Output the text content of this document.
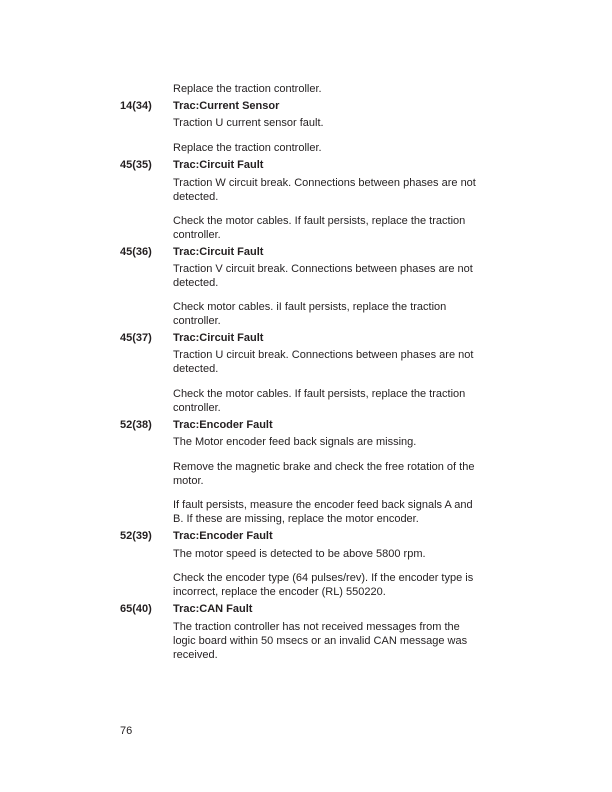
Replace the traction controller.
14(34) Trac:Current Sensor
Traction U current sensor fault.
Replace the traction controller.
45(35) Trac:Circuit Fault
Traction W circuit break. Connections between phases are not detected.
Check the motor cables. If fault persists, replace the traction controller.
45(36) Trac:Circuit Fault
Traction V circuit break. Connections between phases are not detected.
Check motor cables. iI fault persists, replace the traction controller.
45(37) Trac:Circuit Fault
Traction U circuit break. Connections between phases are not detected.
Check the motor cables. If fault persists, replace the traction controller.
52(38) Trac:Encoder Fault
The Motor encoder feed back signals are missing.
Remove the magnetic brake and check the free rotation of the motor.
If fault persists, measure the encoder feed back signals A and B. If these are missing, replace the motor encoder.
52(39) Trac:Encoder Fault
The motor speed is detected to be above 5800 rpm.
Check the encoder type (64 pulses/rev). If the encoder type is incorrect, replace the encoder (RL) 550220.
65(40) Trac:CAN Fault
The traction controller has not received messages from the logic board within 50 msecs or an invalid CAN message was received.
76
